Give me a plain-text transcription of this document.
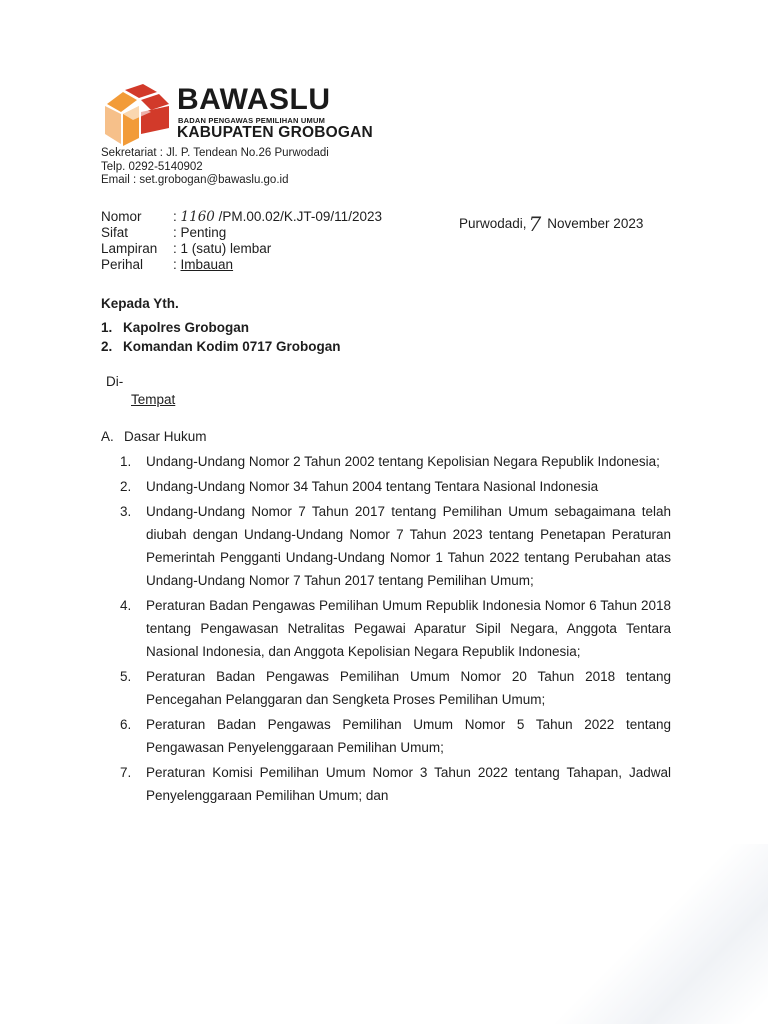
BAWASLU
BADAN PENGAWAS PEMILIHAN UMUM
KABUPATEN GROBOGAN
Sekretariat : Jl. P. Tendean No.26 Purwodadi
Telp. 0292-5140902
Email : set.grobogan@bawaslu.go.id
Nomor	: 1160 /PM.00.02/K.JT-09/11/2023
Sifat	: Penting
Lampiran	: 1 (satu) lembar
Perihal	: Imbauan
Purwodadi, 7 November 2023
Kepada Yth.
1. Kapolres Grobogan
2. Komandan Kodim 0717 Grobogan
Di-
Tempat
A. Dasar Hukum
1.	Undang-Undang Nomor 2 Tahun 2002 tentang Kepolisian Negara Republik Indonesia;
2.	Undang-Undang Nomor 34 Tahun 2004 tentang Tentara Nasional Indonesia
3.	Undang-Undang Nomor 7 Tahun 2017 tentang Pemilihan Umum sebagaimana telah diubah dengan Undang-Undang Nomor 7 Tahun 2023 tentang Penetapan Peraturan Pemerintah Pengganti Undang-Undang Nomor 1 Tahun 2022 tentang Perubahan atas Undang-Undang Nomor 7 Tahun 2017 tentang Pemilihan Umum;
4.	Peraturan Badan Pengawas Pemilihan Umum Republik Indonesia Nomor 6 Tahun 2018 tentang Pengawasan Netralitas Pegawai Aparatur Sipil Negara, Anggota Tentara Nasional Indonesia, dan Anggota Kepolisian Negara Republik Indonesia;
5.	Peraturan Badan Pengawas Pemilihan Umum Nomor 20 Tahun 2018 tentang Pencegahan Pelanggaran dan Sengketa Proses Pemilihan Umum;
6.	Peraturan Badan Pengawas Pemilihan Umum Nomor 5 Tahun 2022 tentang Pengawasan Penyelenggaraan Pemilihan Umum;
7.	Peraturan Komisi Pemilihan Umum Nomor 3 Tahun 2022 tentang Tahapan, Jadwal Penyelenggaraan Pemilihan Umum; dan
